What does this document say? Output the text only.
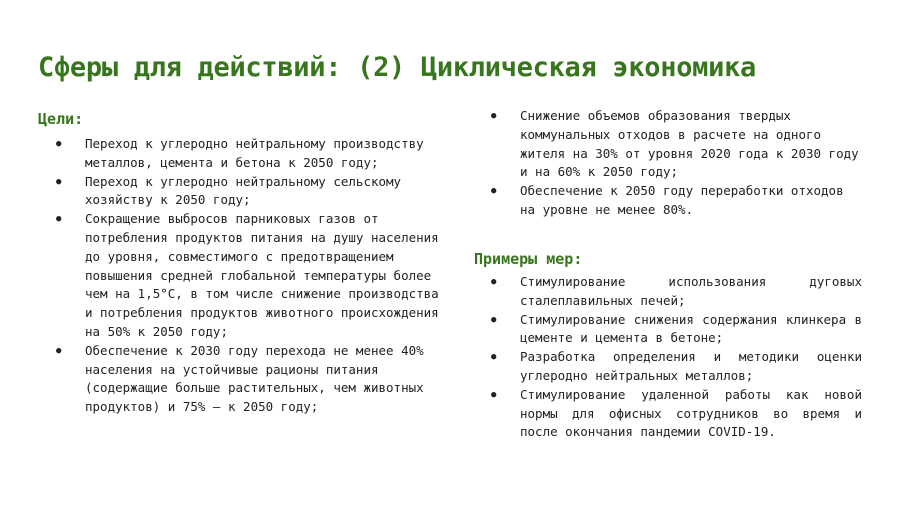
Сферы для действий: (2) Циклическая экономика
Цели:
● Переход к углеродно нейтральному производству металлов, цемента и бетона к 2050 году;
● Переход к углеродно нейтральному сельскому хозяйству к 2050 году;
● Сокращение выбросов парниковых газов от потребления продуктов питания на душу населения до уровня, совместимого с предотвращением повышения средней глобальной температуры более чем на 1,5°C, в том числе снижение производства и потребления продуктов животного происхождения на 50% к 2050 году;
● Обеспечение к 2030 году перехода не менее 40% населения на устойчивые рационы питания (содержащие больше растительных, чем животных продуктов) и 75% — к 2050 году;
● Снижение объемов образования твердых коммунальных отходов в расчете на одного жителя на 30% от уровня 2020 года к 2030 году и на 60% к 2050 году;
● Обеспечение к 2050 году переработки отходов на уровне не менее 80%.
Примеры мер:
● Стимулирование использования дуговых сталеплавильных печей;
● Стимулирование снижения содержания клинкера в цементе и цемента в бетоне;
● Разработка определения и методики оценки углеродно нейтральных металлов;
● Стимулирование удаленной работы как новой нормы для офисных сотрудников во время и после окончания пандемии COVID-19.
